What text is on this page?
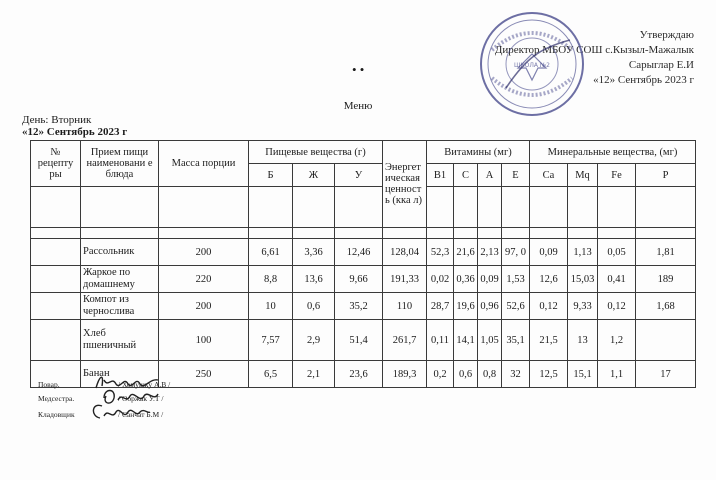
Утверждаю
Директор МБОУ СОШ с.Кызыл-Мажалык
Сарыглар Е.И
«12» Сентябрь 2023 г
ШКОЛА №2
• •
Меню
День: Вторник
«12» Сентябрь 2023 г
№ рецепту ры	Прием пищи наименовани е блюда	Масса порции	Пищевые вещества (г)			Энергет ическая ценност ь (кка л)	Витамины (мг)				Минеральные вещества, (мг)			
			Б	Ж	У		B1	C	A	E	Ca	Mq	Fe	P

	Рассольник	200	6,61	3,36	12,46	128,04	52,3	21,6	2,13	97, 0	0,09	1,13	0,05	1,81
	Жаркое по домашнему	220	8,8	13,6	9,66	191,33	0,02	0,36	0,09	1,53	12,6	15,03	0,41	189
	Компот из чернослива	200	10	0,6	35,2	110	28,7	19,6	0,96	52,6	0,12	9,33	0,12	1,68
	Хлеб пшеничный	100	7,57	2,9	51,4	261,7	0,11	14,1	1,05	35,1	21,5	13	1,2	
	Банан	250	6,5	2,1	23,6	189,3	0,2	0,6	0,8	32	12,5	15,1	1,1	17
Повар.	/ Хомушку А.В /
Медсестра.	/ Ооржак У.Т /
Кладовщик	/ Санчат Б.М /
